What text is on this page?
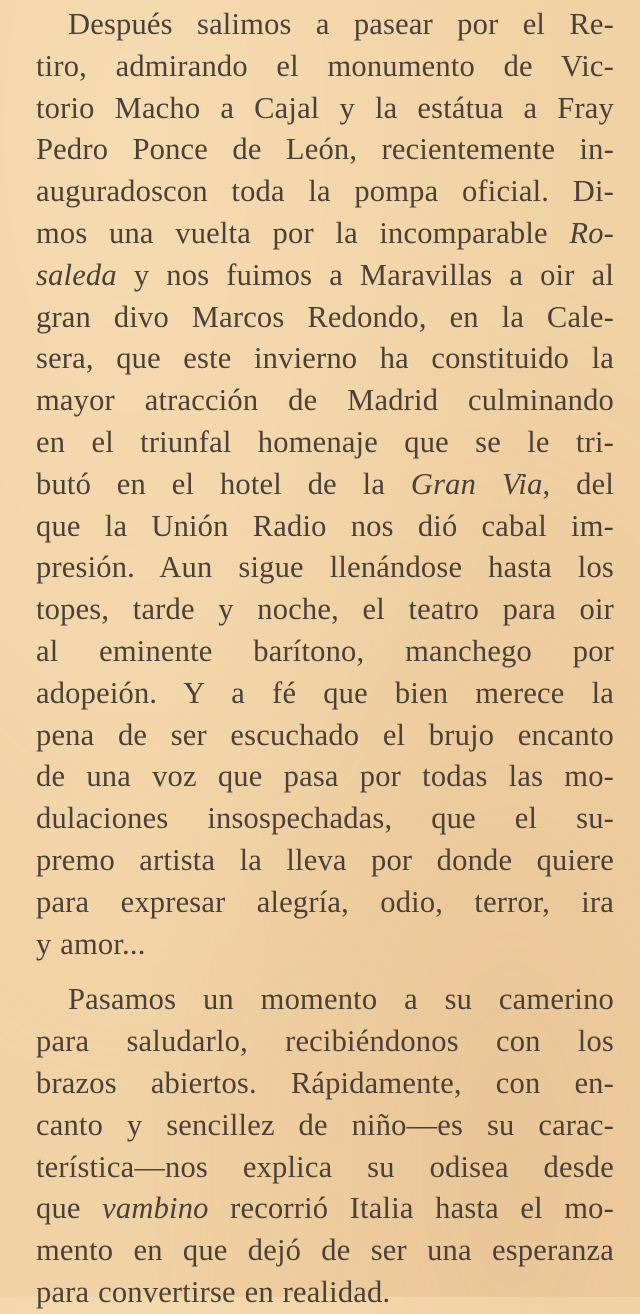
Después salimos a pasear por el Re-
tiro, admirando el monumento de Vic-
torio Macho a Cajal y la estátua a Fray
Pedro Ponce de León, recientemente in-
auguradoscon toda la pompa oficial. Di-
mos una vuelta por la incomparable Ro-
saleda y nos fuimos a Maravillas a oir al
gran divo Marcos Redondo, en la Cale-
sera, que este invierno ha constituido la
mayor atracción de Madrid culminando
en el triunfal homenaje que se le tri-
butó en el hotel de la Gran Via, del
que la Unión Radio nos dió cabal im-
presión. Aun sigue llenándose hasta los
topes, tarde y noche, el teatro para oir
al eminente barítono, manchego por
adopeión. Y a fé que bien merece la
pena de ser escuchado el brujo encanto
de una voz que pasa por todas las mo-
dulaciones insospechadas, que el su-
premo artista la lleva por donde quiere
para expresar alegría, odio, terror, ira
y amor...
Pasamos un momento a su camerino
para saludarlo, recibiéndonos con los
brazos abiertos. Rápidamente, con en-
canto y sencillez de niño—es su carac-
terística—nos explica su odisea desde
que vambino recorrió Italia hasta el mo-
mento en que dejó de ser una esperanza
para convertirse en realidad.
